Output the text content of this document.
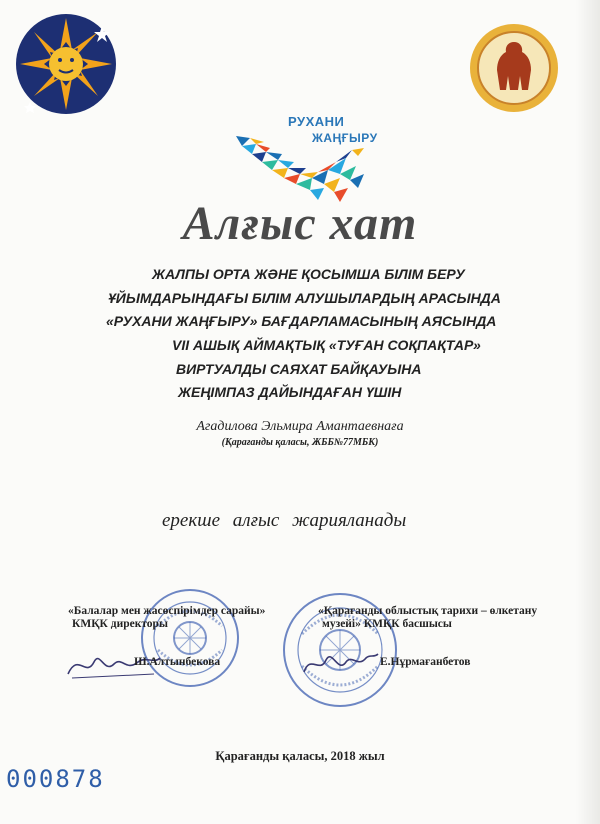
РУХАНИ
ЖАҢҒЫРУ
Алғыс хат
ЖАЛПЫ ОРТА ЖӘНЕ ҚОСЫМША БІЛІМ БЕРУ
ҰЙЫМДАРЫНДАҒЫ БІЛІМ АЛУШЫЛАРДЫҢ АРАСЫНДА
«РУХАНИ ЖАҢҒЫРУ» БАҒДАРЛАМАСЫНЫҢ АЯСЫНДА
VII АШЫҚ АЙМАҚТЫҚ «ТУҒАН СОҚПАҚТАР»
ВИРТУАЛДЫ САЯХАТ БАЙҚАУЫНА
ЖЕҢІМПАЗ ДАЙЫНДАҒАН ҮШІН
Агадилова Эльмира Амантаевнаға
(Қарағанды қаласы, ЖББ№77МБК)
ерекше алғыс жарияланады
«Балалар мен жасөспірімдер сарайы»
КМҚК директоры
Ш.Алтынбекова
«Қарағанды облыстық тарихи – өлкетану
музейі» КМҚК басшысы
Е.Нұрмағанбетов
Қарағанды қаласы, 2018 жыл
000878
